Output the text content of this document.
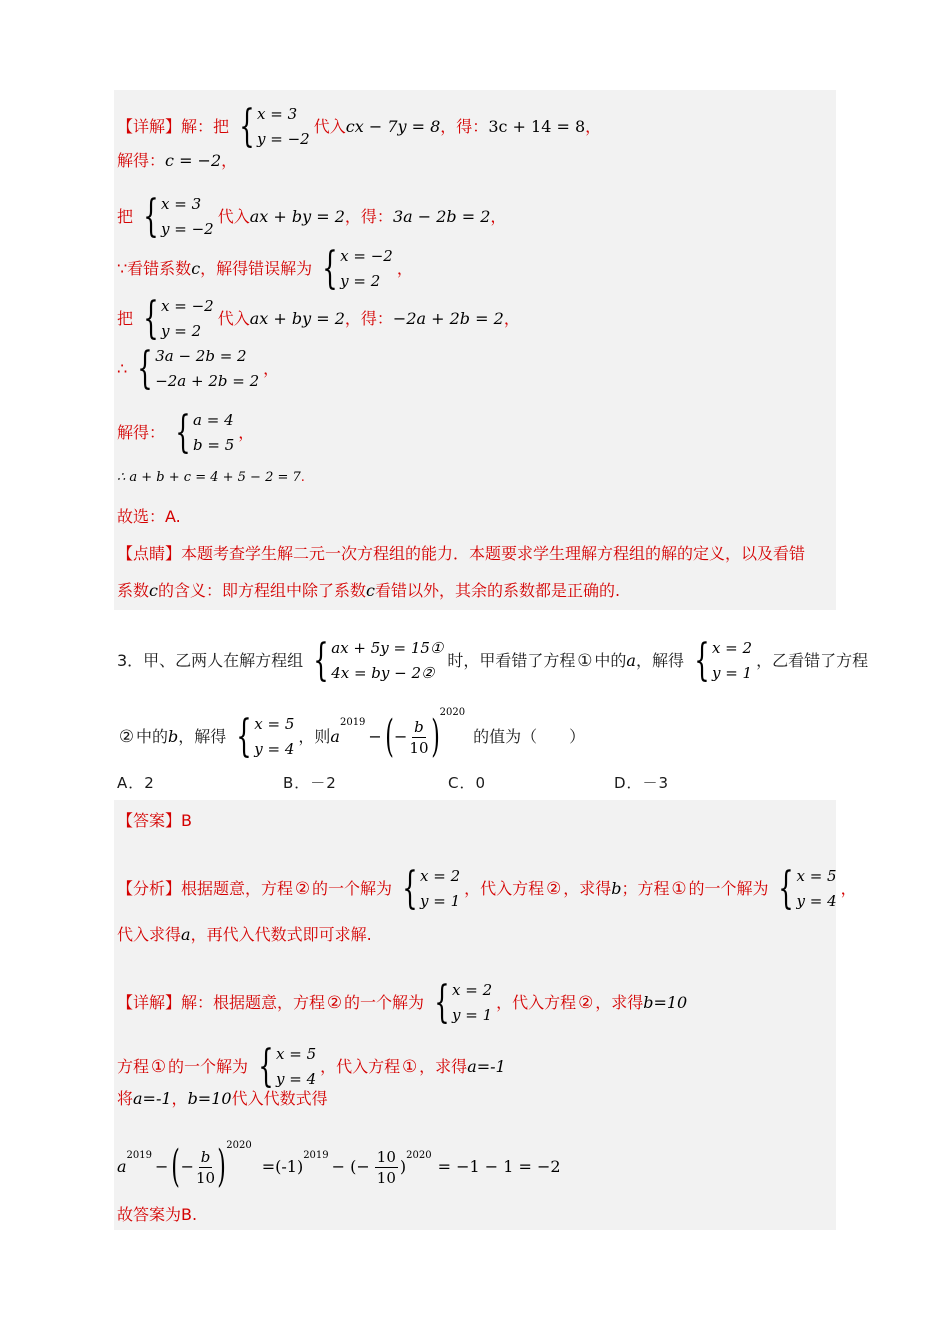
【详解】 解：把 { x = 3
y = −2
代入 cx − 7y = 8 ，得： 3c + 14 = 8 ，
解得： c = −2 ，
把 { x = 3
y = −2
代入 ax + by = 2 ，得： 3a − 2b = 2 ，
∵看错系数 c ，解得错误解为 { x = −2
y = 2
，
把 { x = −2
y = 2
代入 ax + by = 2 ，得： −2a + 2b = 2 ，
∴ { 3a − 2b = 2
−2a + 2b = 2
，
解得： { a = 4
b = 5
，
∴ a + b + c = 4 + 5 − 2 = 7 .
故选：A.
【点睛】 本题考查学生解二元一次方程组的能力．本题要求学生理解方程组的解的定义，以及看错
系数 c 的含义：即方程组中除了系数 c 看错以外，其余的系数都是正确的.
3．甲、乙两人在解方程组 { ax + 5y = 15①
4x = by − 2②
时，甲看错了方程 ① 中的 a ，解得 { x = 2
y = 1
，乙看错了方程
② 中的 b ，解得 { x = 5
y = 4
，则 a
$^{2019}$
− ( − $\frac{b}{10} )^{2020}$
的值为（　　）
A．2	B．－2	C．0	D．－3
【答案】B
【分析】 根据题意，方程 ② 的一个解为 { x = 2
y = 1
，代入方程 ② ，求得 b ；方程 ① 的一个解为 { x = 5
y = 4
，
代入求得 a ，再代入代数式即可求解.
【详解】 解：根据题意，方程 ② 的一个解为 { x = 2
y = 1
，代入方程 ② ，求得 b=10
方程 ① 的一个解为 { x = 5
y = 4
，代入方程 ① ，求得 a=-1
将 a=-1 ， b=10 代入代数式得
a
$^{2019}$
− ( − $\frac{b}{10} )^{2020}$
=(-1)
$^{2019}$
− (− $\frac{10}{10}$ )
$^{2020}$
= −1 − 1 = −2
故答案为B.
